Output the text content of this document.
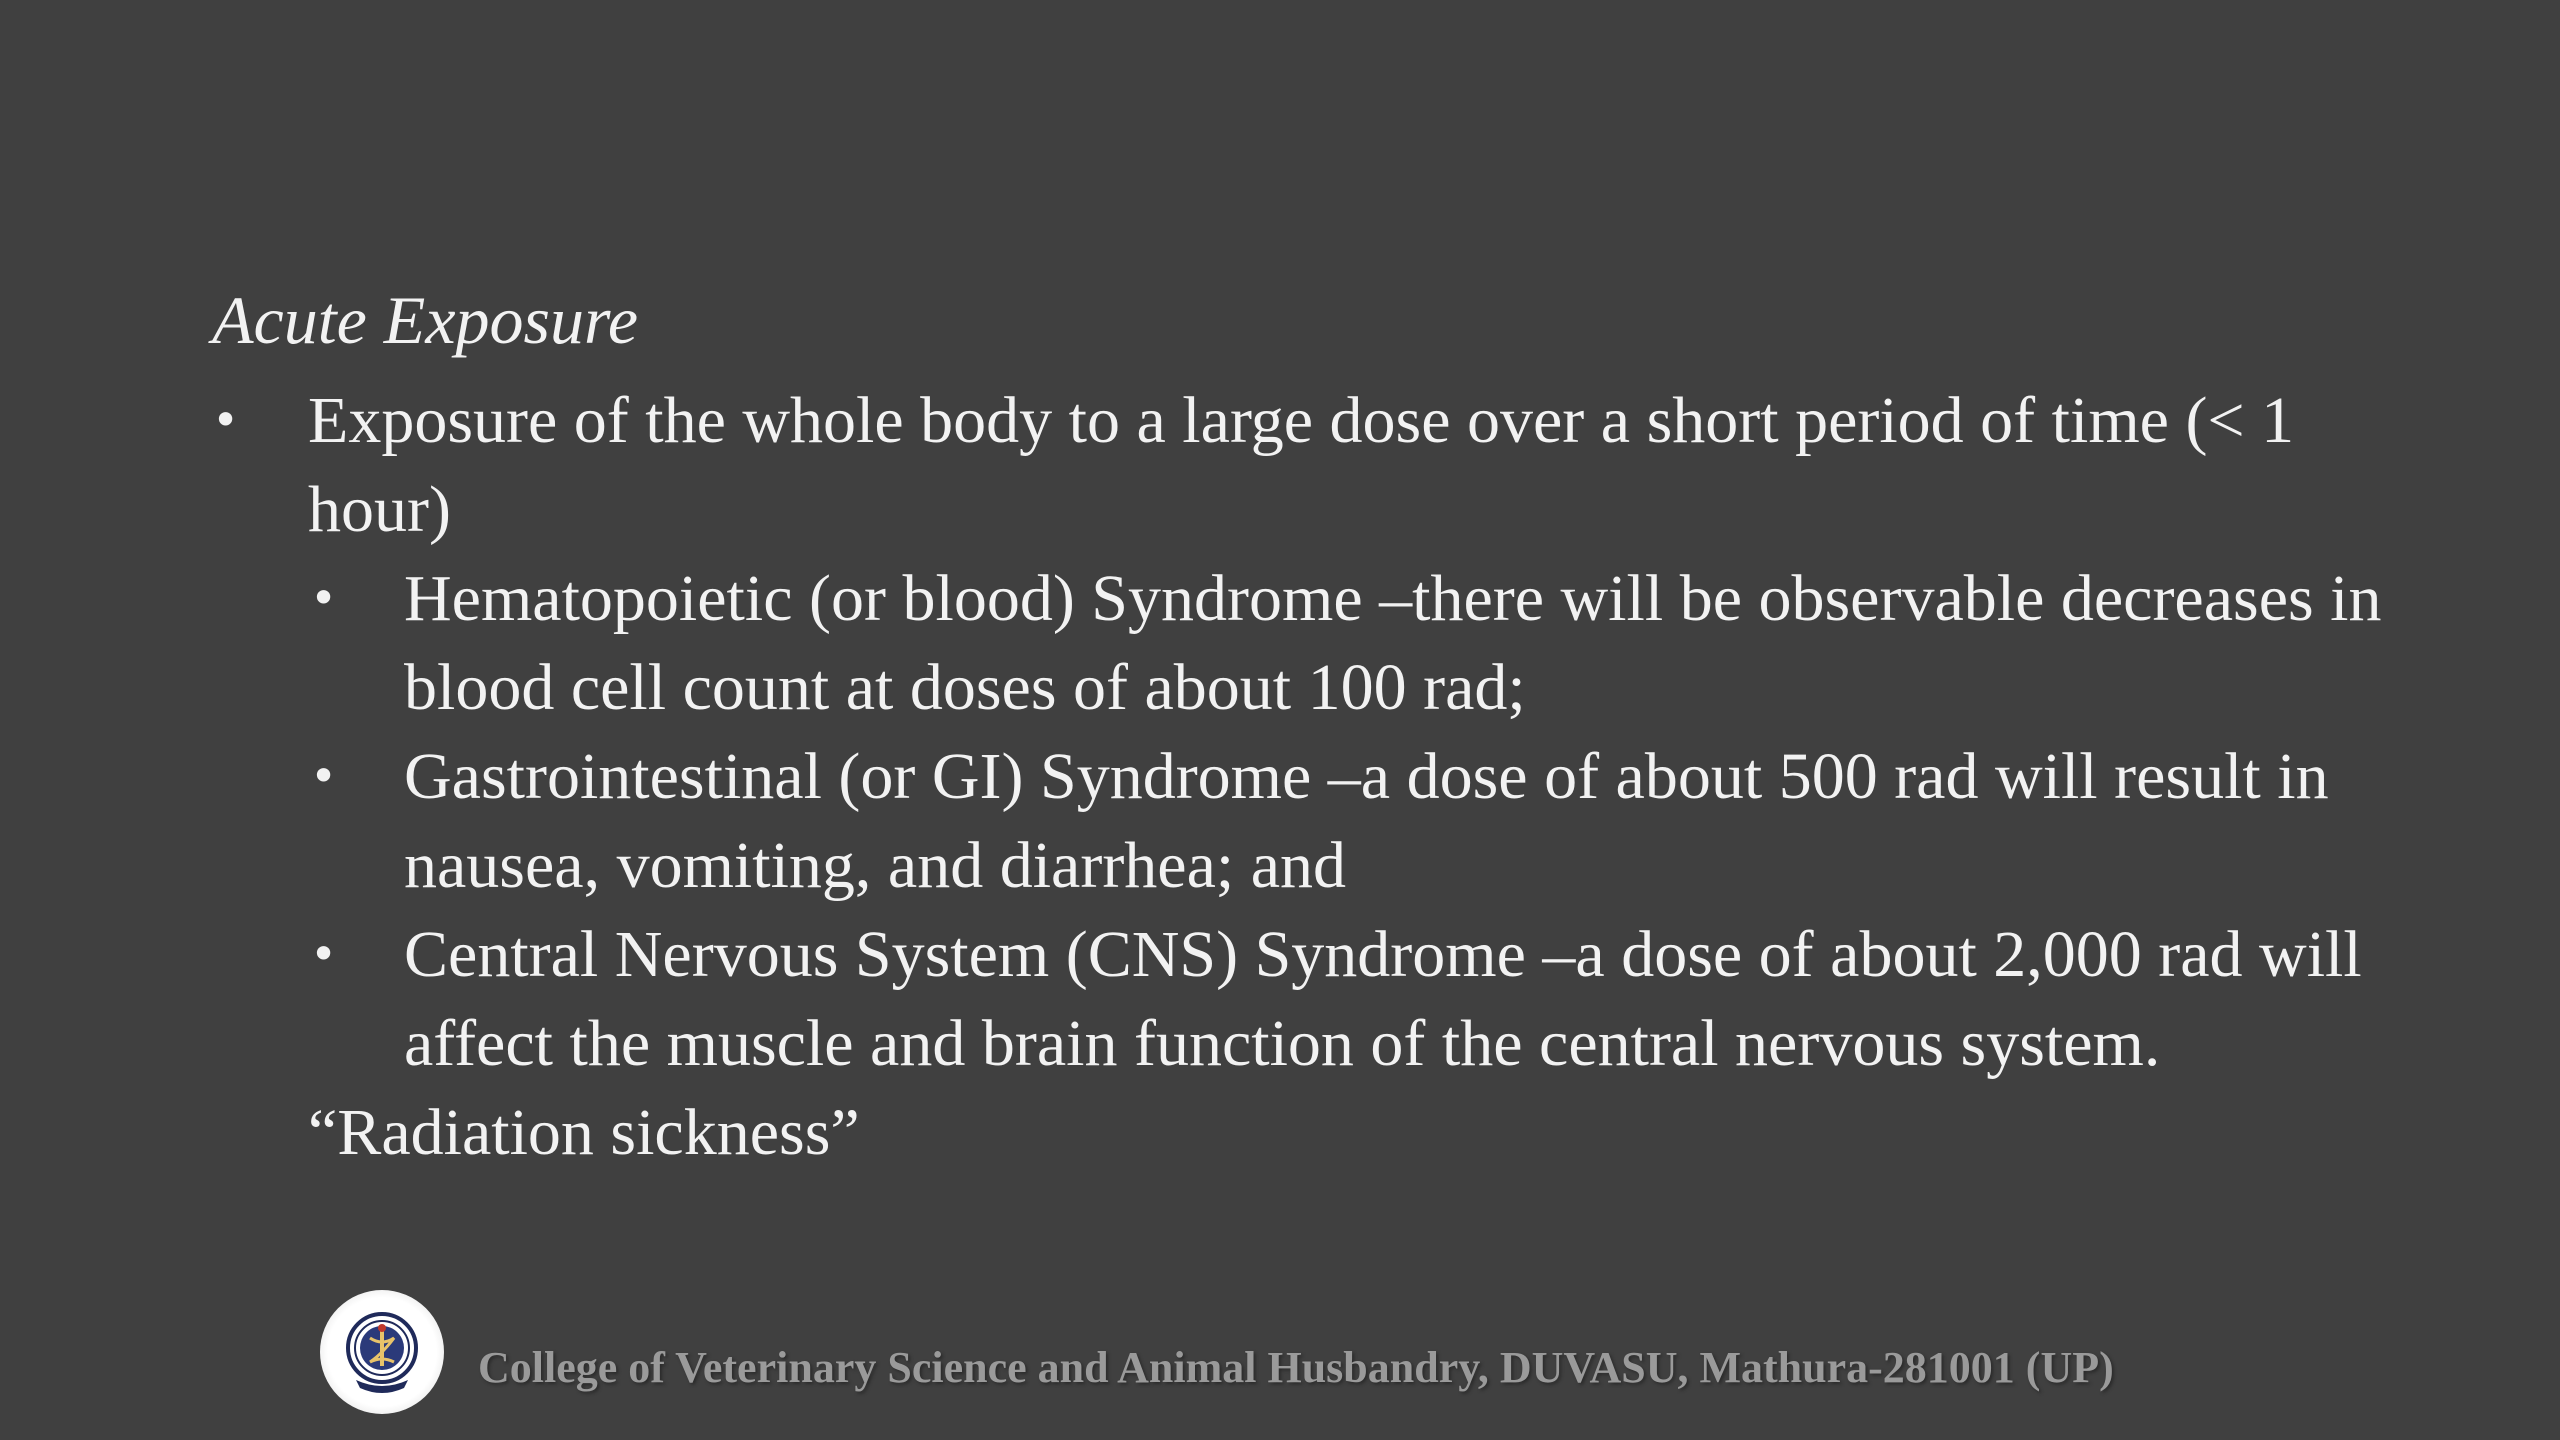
Acute Exposure
• Exposure of the whole body to a large dose over a short period of time (< 1 hour)
• Hematopoietic (or blood) Syndrome –there will be observable decreases in blood cell count at doses of about 100 rad;
• Gastrointestinal (or GI) Syndrome –a dose of about 500 rad will result in nausea, vomiting, and diarrhea; and
• Central Nervous System (CNS) Syndrome –a dose of about 2,000 rad will affect the muscle and brain function of the central nervous system.
“Radiation sickness”
College of Veterinary Science and Animal Husbandry, DUVASU, Mathura-281001 (UP)
